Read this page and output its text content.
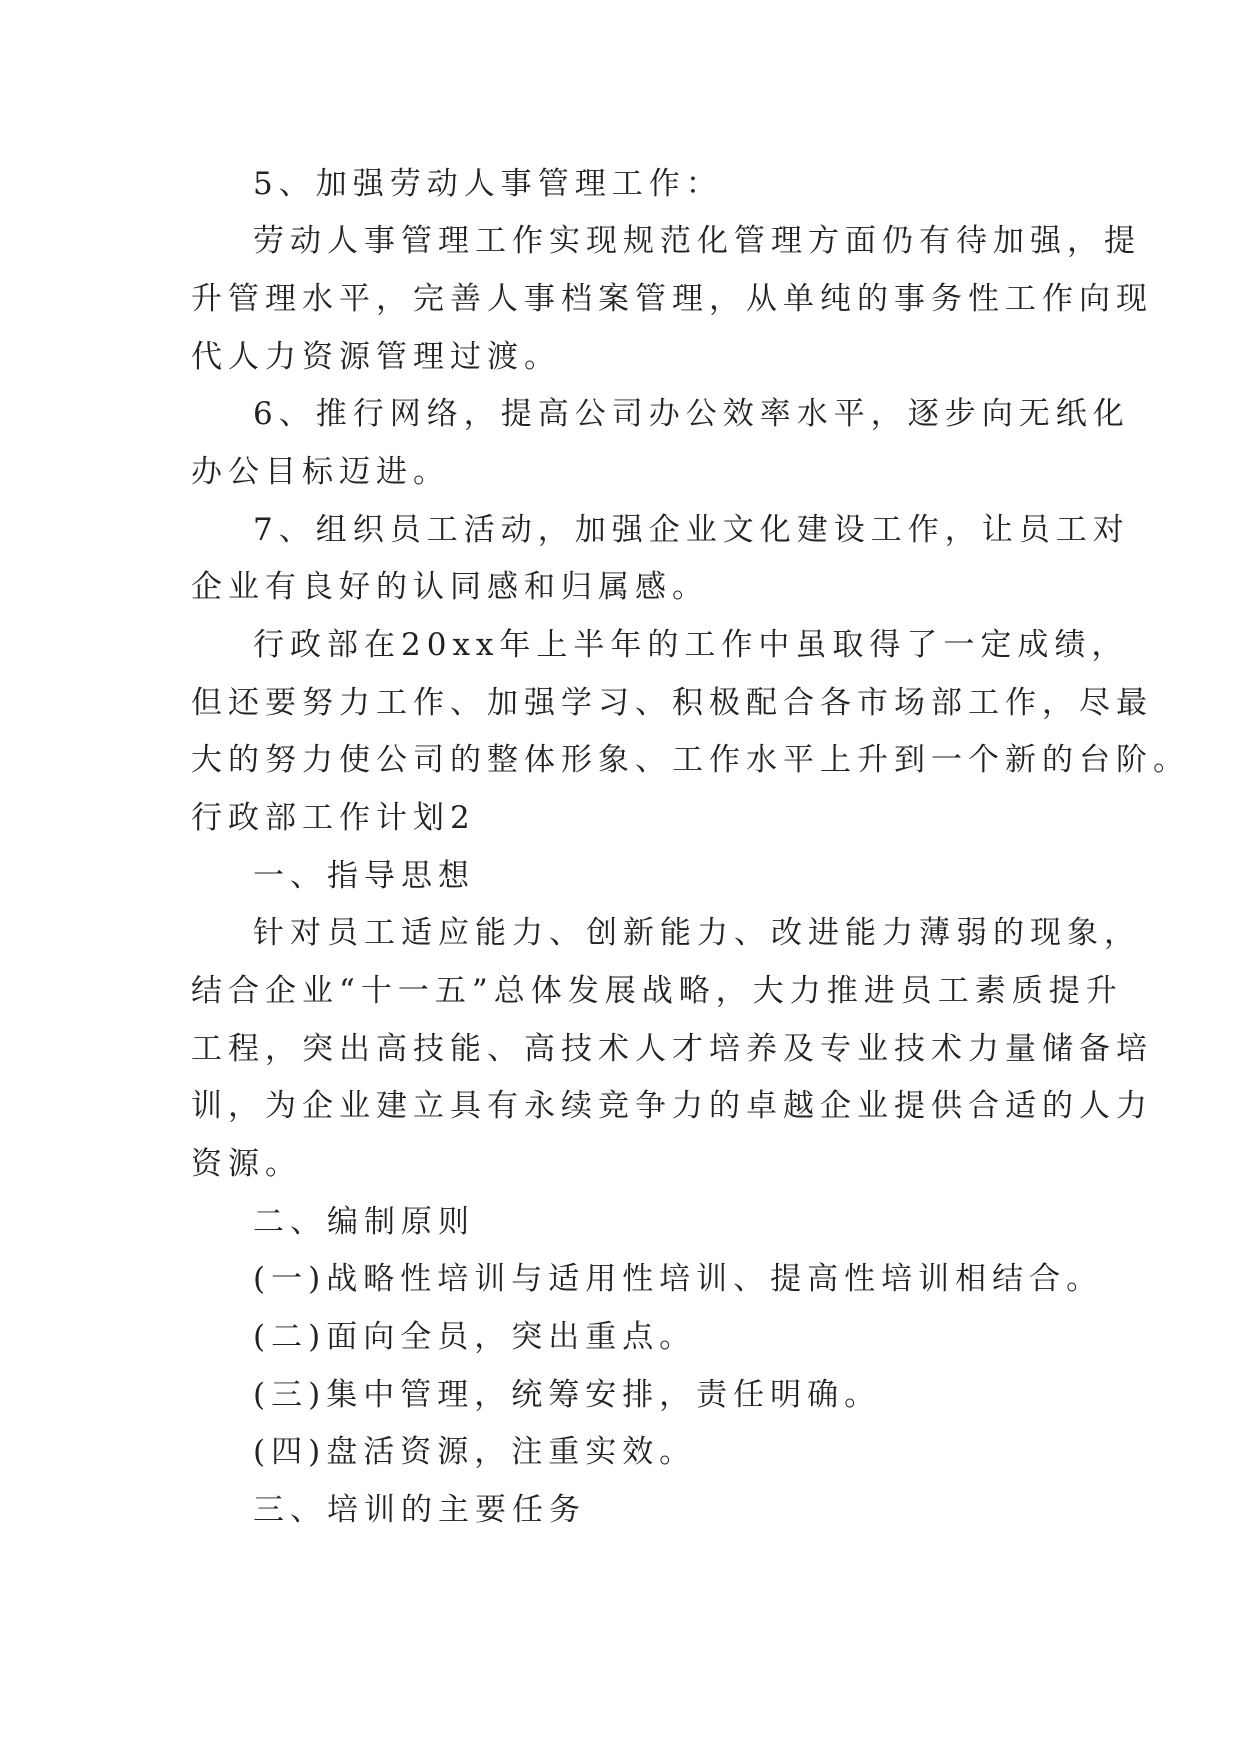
5、加强劳动人事管理工作：
劳动人事管理工作实现规范化管理方面仍有待加强，提
升管理水平，完善人事档案管理，从单纯的事务性工作向现
代人力资源管理过渡。
6、推行网络，提高公司办公效率水平，逐步向无纸化
办公目标迈进。
7、组织员工活动，加强企业文化建设工作，让员工对
企业有良好的认同感和归属感。
行政部在20xx年上半年的工作中虽取得了一定成绩，
但还要努力工作、加强学习、积极配合各市场部工作，尽最
大的努力使公司的整体形象、工作水平上升到一个新的台阶。
行政部工作计划2
一、指导思想
针对员工适应能力、创新能力、改进能力薄弱的现象，
结合企业“十一五”总体发展战略，大力推进员工素质提升
工程，突出高技能、高技术人才培养及专业技术力量储备培
训，为企业建立具有永续竞争力的卓越企业提供合适的人力
资源。
二、编制原则
(一)战略性培训与适用性培训、提高性培训相结合。
(二)面向全员，突出重点。
(三)集中管理，统筹安排，责任明确。
(四)盘活资源，注重实效。
三、培训的主要任务
